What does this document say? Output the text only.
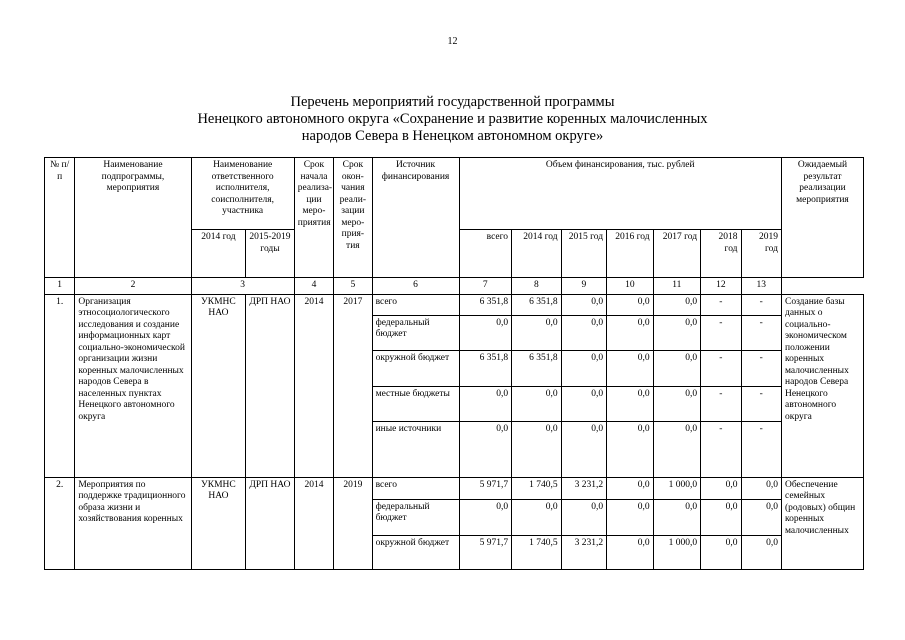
12
Перечень мероприятий государственной программы
Ненецкого автономного округа «Сохранение и развитие коренных малочисленных
народов Севера в Ненецком автономном округе»
№ п/п	Наименование подпрограммы, мероприятия	Наименование ответственного исполнителя, соисполнителя, участника		Срок начала реализа-ции меро-приятия	Срок окон-чания реали-зации меро-прия-тия	Источник финансирования	Объем финансирования, тыс. рублей							Ожидаемый результат реализации мероприятия
		2014 год	2015-2019 годы				всего	2014 год	2015 год	2016 год	2017 год	2018 год	2019 год	
1	2	3		4	5	6	7	8	9	10	11	12	13	
1.	Организация этносоциологического исследования и создание информационных карт социально-экономической организации жизни коренных малочисленных народов Севера в населенных пунктах Ненецкого автономного округа	УКМНС НАО	ДРП НАО	2014	2017	всего	6 351,8	6 351,8	0,0	0,0	0,0	-	-	Создание базы данных о социально-экономическом положении коренных малочисленных народов Севера Ненецкого автономного округа
						федеральный бюджет	0,0	0,0	0,0	0,0	0,0	-	-	
						окружной бюджет	6 351,8	6 351,8	0,0	0,0	0,0	-	-	
						местные бюджеты	0,0	0,0	0,0	0,0	0,0	-	-	
						иные источники	0,0	0,0	0,0	0,0	0,0	-	-	
2.	Мероприятия по поддержке традиционного образа жизни и хозяйствования коренных	УКМНС НАО	ДРП НАО	2014	2019	всего	5 971,7	1 740,5	3 231,2	0,0	1 000,0	0,0	0,0	Обеспечение семейных (родовых) общин коренных малочисленных
						федеральный бюджет	0,0	0,0	0,0	0,0	0,0	0,0	0,0	
						окружной бюджет	5 971,7	1 740,5	3 231,2	0,0	1 000,0	0,0	0,0	
